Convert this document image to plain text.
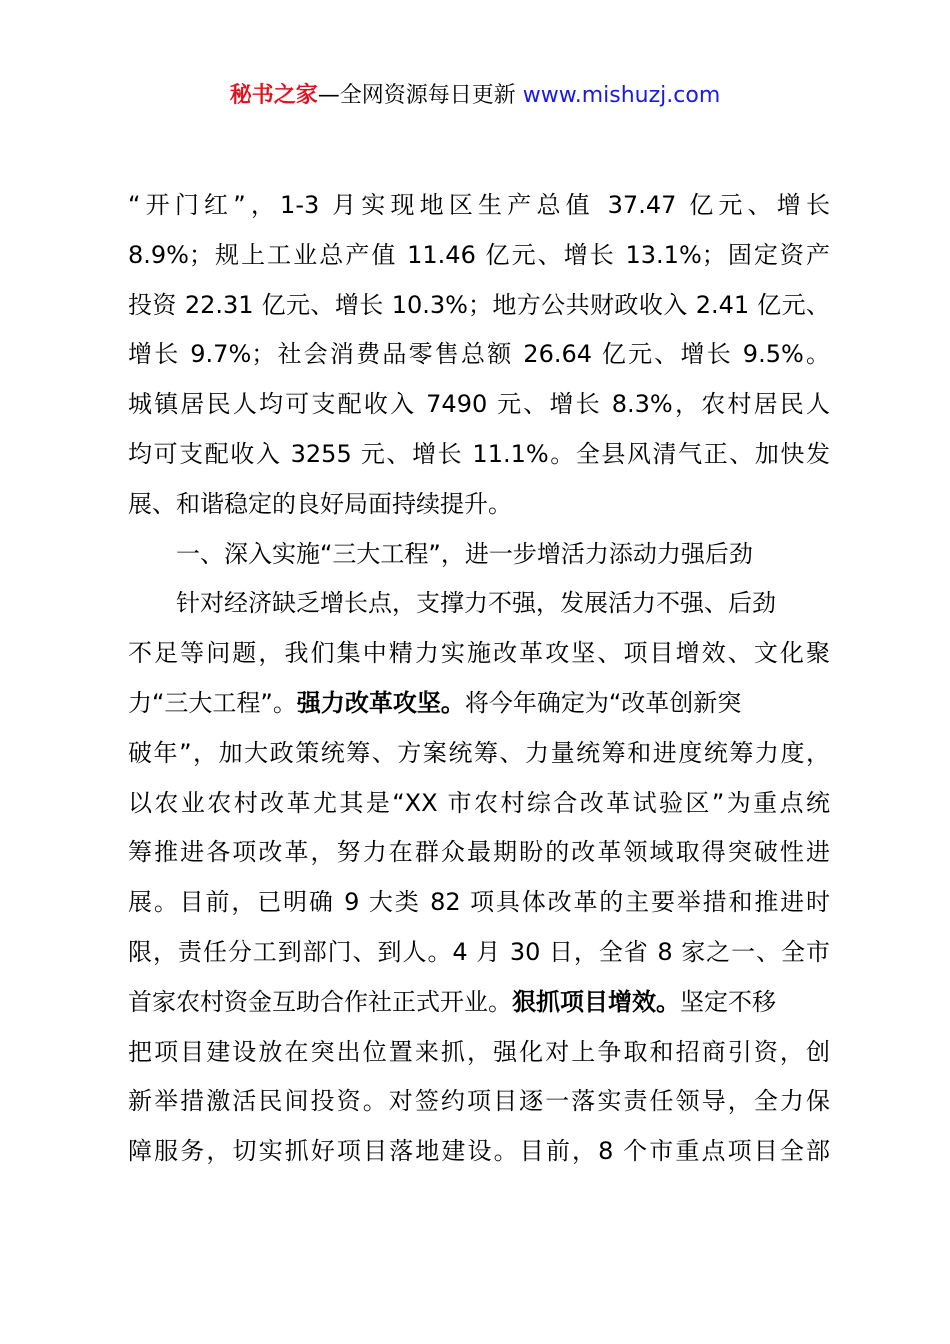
秘书之家—全网资源每日更新 www.mishuzj.com
“开门红”，1-3 月实现地区生产总值 37.47 亿元、增长
8.9%；规上工业总产值 11.46 亿元、增长 13.1%；固定资产
投资 22.31 亿元、增长 10.3%；地方公共财政收入 2.41 亿元、
增长 9.7%；社会消费品零售总额 26.64 亿元、增长 9.5%。
城镇居民人均可支配收入 7490 元、增长 8.3%，农村居民人
均可支配收入 3255 元、增长 11.1%。全县风清气正、加快发
展、和谐稳定的良好局面持续提升。
一、深入实施“三大工程”，进一步增活力添动力强后劲
针对经济缺乏增长点，支撑力不强，发展活力不强、后劲
不足等问题，我们集中精力实施改革攻坚、项目增效、文化聚
力“三大工程”。强力改革攻坚。将今年确定为“改革创新突
破年”，加大政策统筹、方案统筹、力量统筹和进度统筹力度，
以农业农村改革尤其是“XX 市农村综合改革试验区”为重点统
筹推进各项改革，努力在群众最期盼的改革领域取得突破性进
展。目前，已明确 9 大类 82 项具体改革的主要举措和推进时
限，责任分工到部门、到人。4 月 30 日，全省 8 家之一、全市
首家农村资金互助合作社正式开业。狠抓项目增效。坚定不移
把项目建设放在突出位置来抓，强化对上争取和招商引资，创
新举措激活民间投资。对签约项目逐一落实责任领导，全力保
障服务，切实抓好项目落地建设。目前，8 个市重点项目全部
